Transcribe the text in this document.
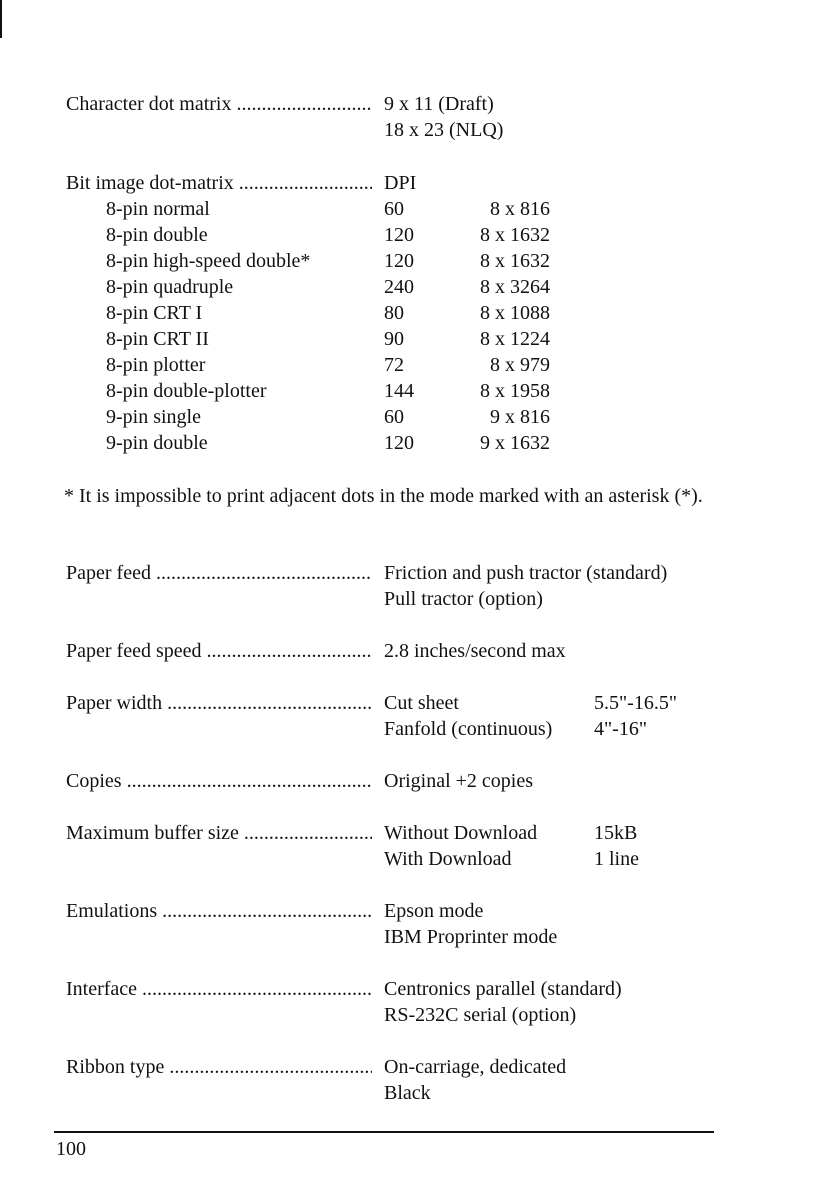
Character dot matrix .....	9 x 11 (Draft)
18 x 23 (NLQ)
Bit image dot-matrix .....	DPI
8-pin normal	60	8 x 816
8-pin double	120	8 x 1632
8-pin high-speed double*	120	8 x 1632
8-pin quadruple	240	8 x 3264
8-pin CRT I	80	8 x 1088
8-pin CRT II	90	8 x 1224
8-pin plotter	72	8 x 979
8-pin double-plotter	144	8 x 1958
9-pin single	60	9 x 816
9-pin double	120	9 x 1632
* It is impossible to print adjacent dots in the mode marked with an asterisk (*).
Paper feed .....	Friction and push tractor (standard)
Pull tractor (option)
Paper feed speed .....	2.8 inches/second max
Paper width .....	Cut sheet	5.5"-16.5"
Fanfold (continuous) 4"-16"
Copies .....	Original +2 copies
Maximum buffer size .....	Without Download	15kB
With Download	1 line
Emulations .....	Epson mode
IBM Proprinter mode
Interface .....	Centronics parallel (standard)
RS-232C serial (option)
Ribbon type .....	On-carriage, dedicated
Black
100
